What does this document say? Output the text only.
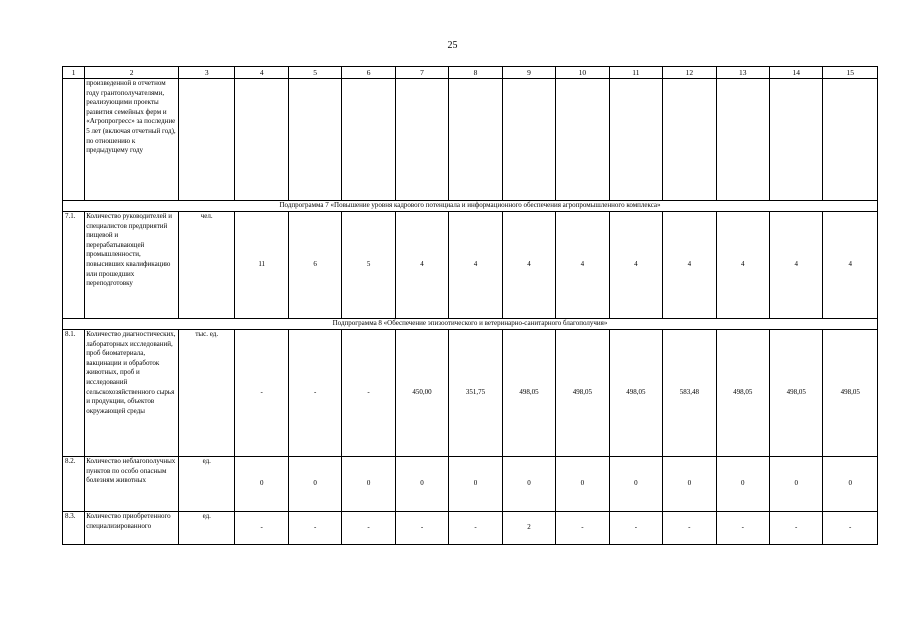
25
1	2	3	4	5	6	7	8	9	10	11	12	13	14	15
	произведенной в отчетном году грантополучателями, реализующими проекты развития семейных ферм и «Агропрогресс» за последние 5 лет (включая отчетный год), по отношению к предыдущему году													
Подпрограмма 7 «Повышение уровня кадрового потенциала и информационного обеспечения агропромышленного комплекса»														
7.1.	Количество руководителей и специалистов предприятий пищевой и перерабатывающей промышленности, повысивших квалификацию или прошедших переподготовку	чел.	11	6	5	4	4	4	4	4	4	4	4	4
Подпрограмма 8 «Обеспечение эпизоотического и ветеринарно-санитарного благополучия»														
8.1.	Количество диагностических, лабораторных исследований, проб биоматериала, вакцинации и обработок животных, проб и исследований сельскохозяйственного сырья и продукции, объектов окружающей среды	тыс. ед.	-	-	-	450,00	351,75	498,05	498,05	498,05	583,48	498,05	498,05	498,05
8.2.	Количество неблагополучных пунктов по особо опасным болезням животных	ед.	0	0	0	0	0	0	0	0	0	0	0	0
8.3.	Количество приобретенного специализированного	ед.	-	-	-	-	-	2	-	-	-	-	-	-
